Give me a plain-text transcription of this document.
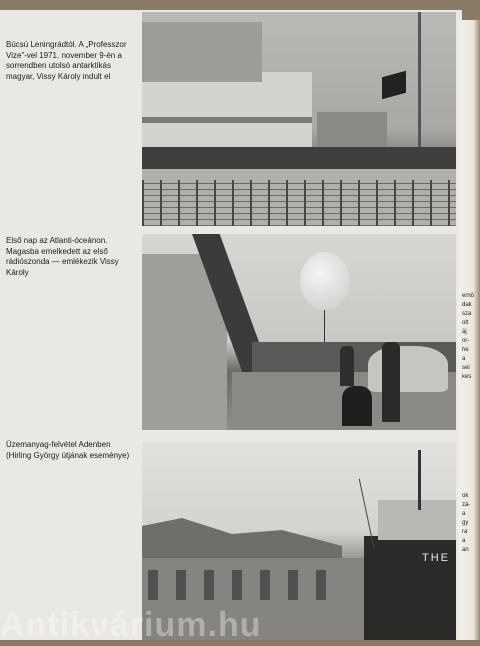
Búcsú Leningrádtól. A „Professzor Vize”-vel 1971. november 9-én a sorrendben utolsó antarktikás magyar, Vissy Károly indult el

Első nap az Atlanti-óceánon. Magasba emelkedett az első rádiószonda — emlékezik Vissy Károly

Üzemanyag-felvétel Adenben (Hirling György útjának eseménye)

THE
ernö
dak
sza
olt
áj
or-
he
a
sei
kes
ok
zá-
a
gy
ra
a
an
Antikvárium.hu
